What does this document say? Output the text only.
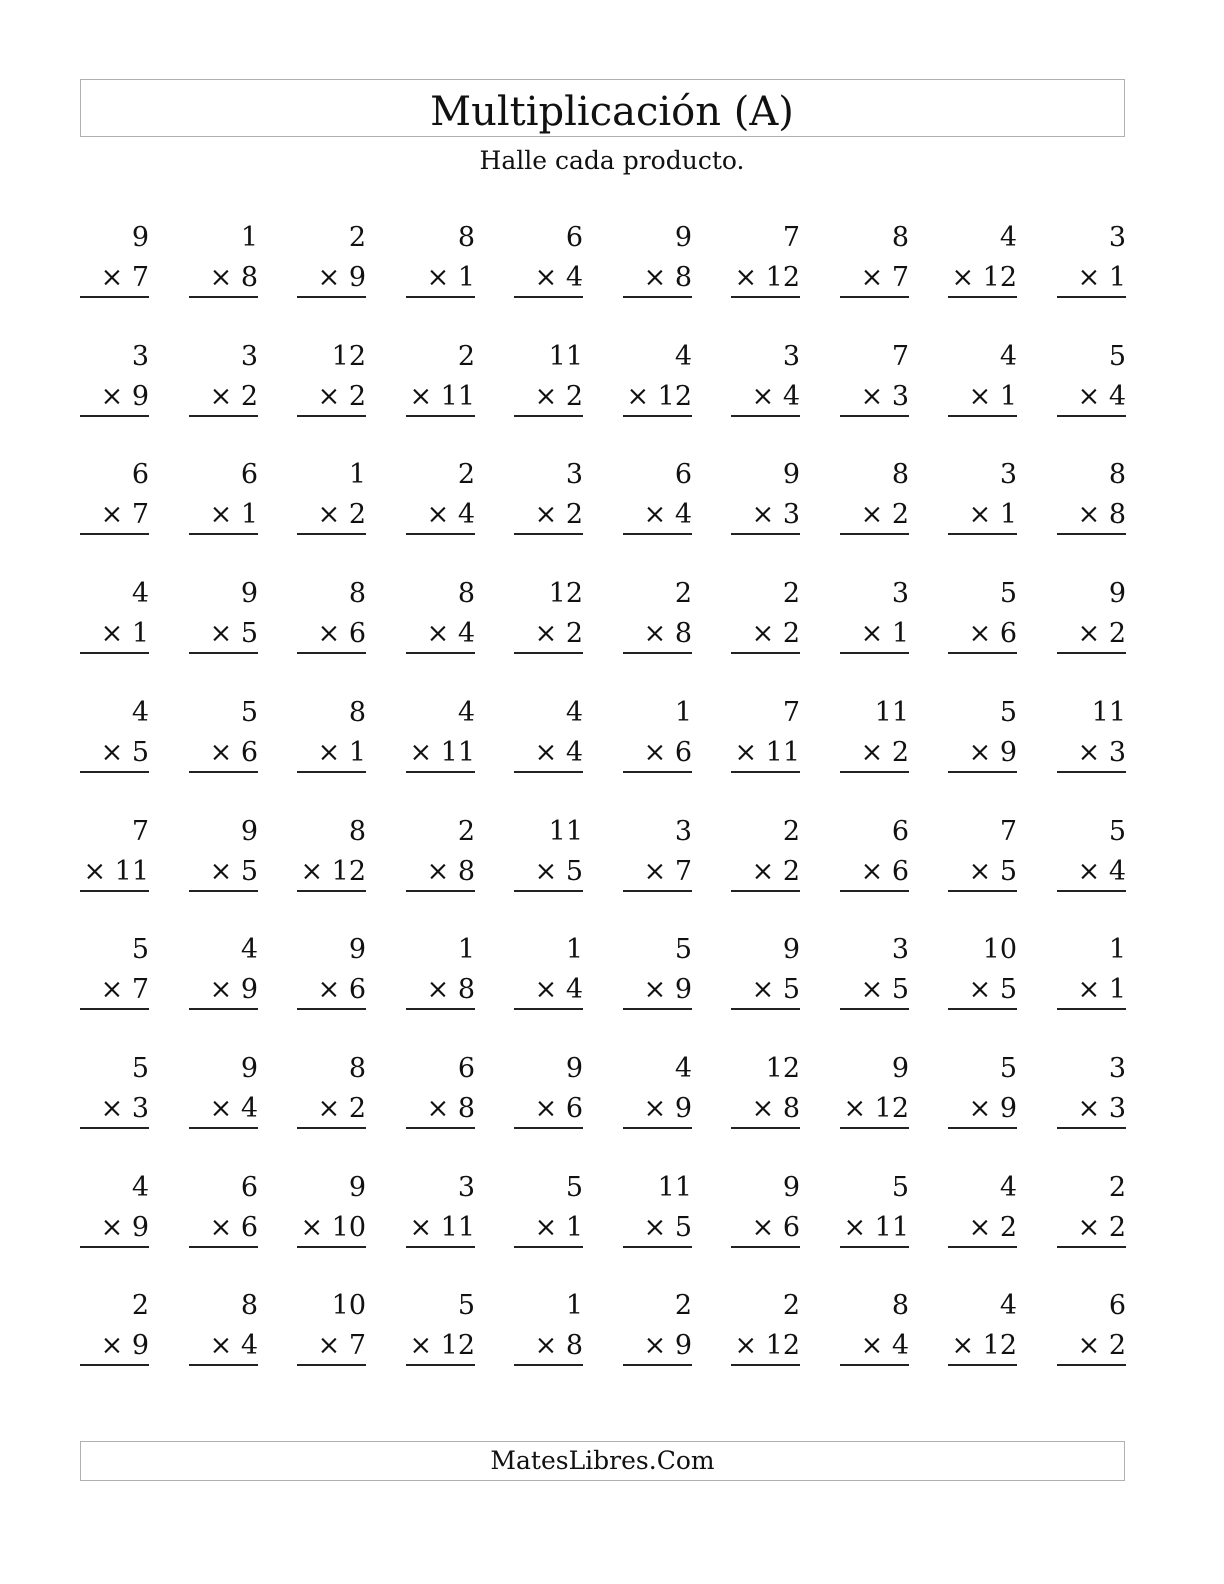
Multiplicación (A)
Halle cada producto.
9
× 7
1
× 8
2
× 9
8
× 1
6
× 4
9
× 8
7
× 12
8
× 7
4
× 12
3
× 1
3
× 9
3
× 2
12
× 2
2
× 11
11
× 2
4
× 12
3
× 4
7
× 3
4
× 1
5
× 4
6
× 7
6
× 1
1
× 2
2
× 4
3
× 2
6
× 4
9
× 3
8
× 2
3
× 1
8
× 8
4
× 1
9
× 5
8
× 6
8
× 4
12
× 2
2
× 8
2
× 2
3
× 1
5
× 6
9
× 2
4
× 5
5
× 6
8
× 1
4
× 11
4
× 4
1
× 6
7
× 11
11
× 2
5
× 9
11
× 3
7
× 11
9
× 5
8
× 12
2
× 8
11
× 5
3
× 7
2
× 2
6
× 6
7
× 5
5
× 4
5
× 7
4
× 9
9
× 6
1
× 8
1
× 4
5
× 9
9
× 5
3
× 5
10
× 5
1
× 1
5
× 3
9
× 4
8
× 2
6
× 8
9
× 6
4
× 9
12
× 8
9
× 12
5
× 9
3
× 3
4
× 9
6
× 6
9
× 10
3
× 11
5
× 1
11
× 5
9
× 6
5
× 11
4
× 2
2
× 2
2
× 9
8
× 4
10
× 7
5
× 12
1
× 8
2
× 9
2
× 12
8
× 4
4
× 12
6
× 2
MatesLibres.Com
